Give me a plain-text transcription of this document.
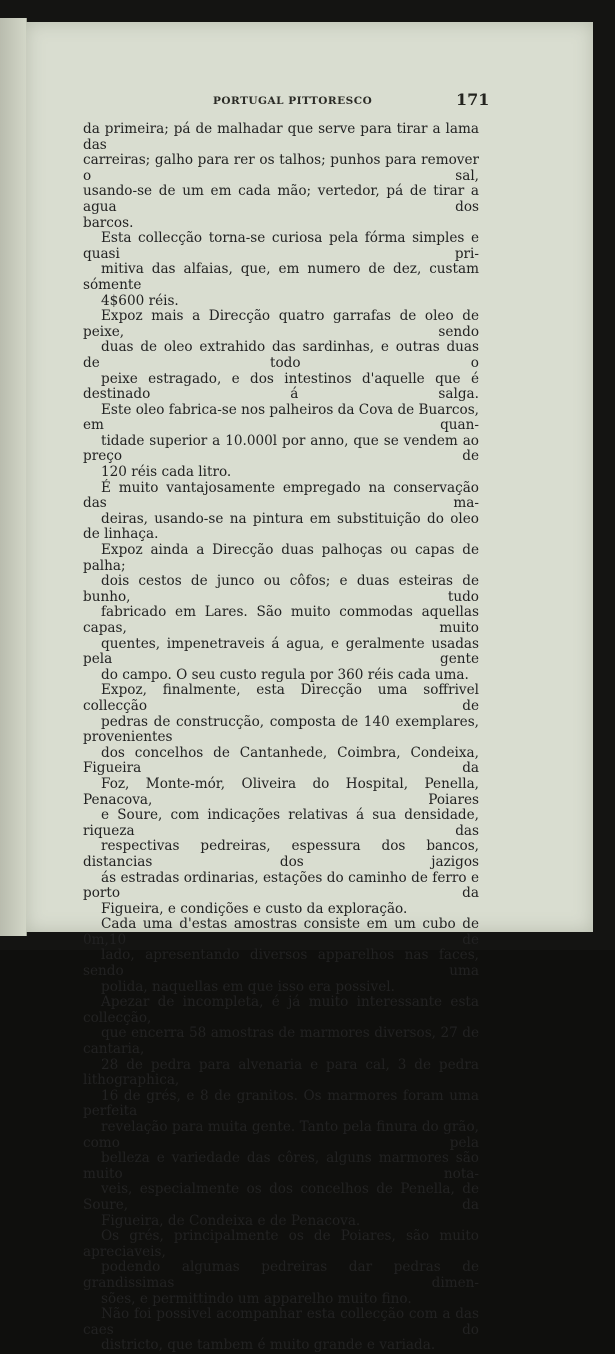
PORTUGAL PITTORESCO	171

da primeira; pá de malhadar que serve para tirar a lama das
carreiras; galho para rer os talhos; punhos para remover o sal,
usando-se de um em cada mão; vertedor, pá de tirar a agua dos
barcos.

Esta collecção torna-se curiosa pela fórma simples e quasi pri-
mitiva das alfaias, que, em numero de dez, custam sómente
4$600 réis.

Expoz mais a Direcção quatro garrafas de oleo de peixe, sendo
duas de oleo extrahido das sardinhas, e outras duas de todo o
peixe estragado, e dos intestinos d'aquelle que é destinado á salga.
Este oleo fabrica-se nos palheiros da Cova de Buarcos, em quan-
tidade superior a 10.000l por anno, que se vendem ao preço de
120 réis cada litro.

É muito vantajosamente empregado na conservação das ma-
deiras, usando-se na pintura em substituição do oleo de linhaça.

Expoz ainda a Direcção duas palhoças ou capas de palha;
dois cestos de junco ou côfos; e duas esteiras de bunho, tudo
fabricado em Lares. São muito commodas aquellas capas, muito
quentes, impenetraveis á agua, e geralmente usadas pela gente
do campo. O seu custo regula por 360 réis cada uma.

Expoz, finalmente, esta Direcção uma soffrivel collecção de
pedras de construcção, composta de 140 exemplares, provenientes
dos concelhos de Cantanhede, Coimbra, Condeixa, Figueira da
Foz, Monte-mór, Oliveira do Hospital, Penella, Penacova, Poiares
e Soure, com indicações relativas á sua densidade, riqueza das
respectivas pedreiras, espessura dos bancos, distancias dos jazigos
ás estradas ordinarias, estações do caminho de ferro e porto da
Figueira, e condições e custo da exploração.

Cada uma d'estas amostras consiste em um cubo de 0m,10 de
lado, apresentando diversos apparelhos nas faces, sendo uma
polida, naquellas em que isso era possivel.

Apezar de incompleta, é já muito interessante esta collecção,
que encerra 58 amostras de marmores diversos, 27 de cantaria,
28 de pedra para alvenaria e para cal, 3 de pedra lithographica,
16 de grés, e 8 de granitos. Os marmores foram uma perfeita
revelação para muita gente. Tanto pela finura do grão, como pela
belleza e variedade das côres, alguns marmores são muito nota-
veis, especialmente os dos concelhos de Penella, de Soure, da
Figueira, de Condeixa e de Penacova.

Os grés, principalmente os de Poiares, são muito apreciaveis,
podendo algumas pedreiras dar pedras de grandissimas dimen-
sões, e permittindo um apparelho muito fino.

Não foi possivel acompanhar esta collecção com a das caes do
districto, que tambem é muito grande e variada.
